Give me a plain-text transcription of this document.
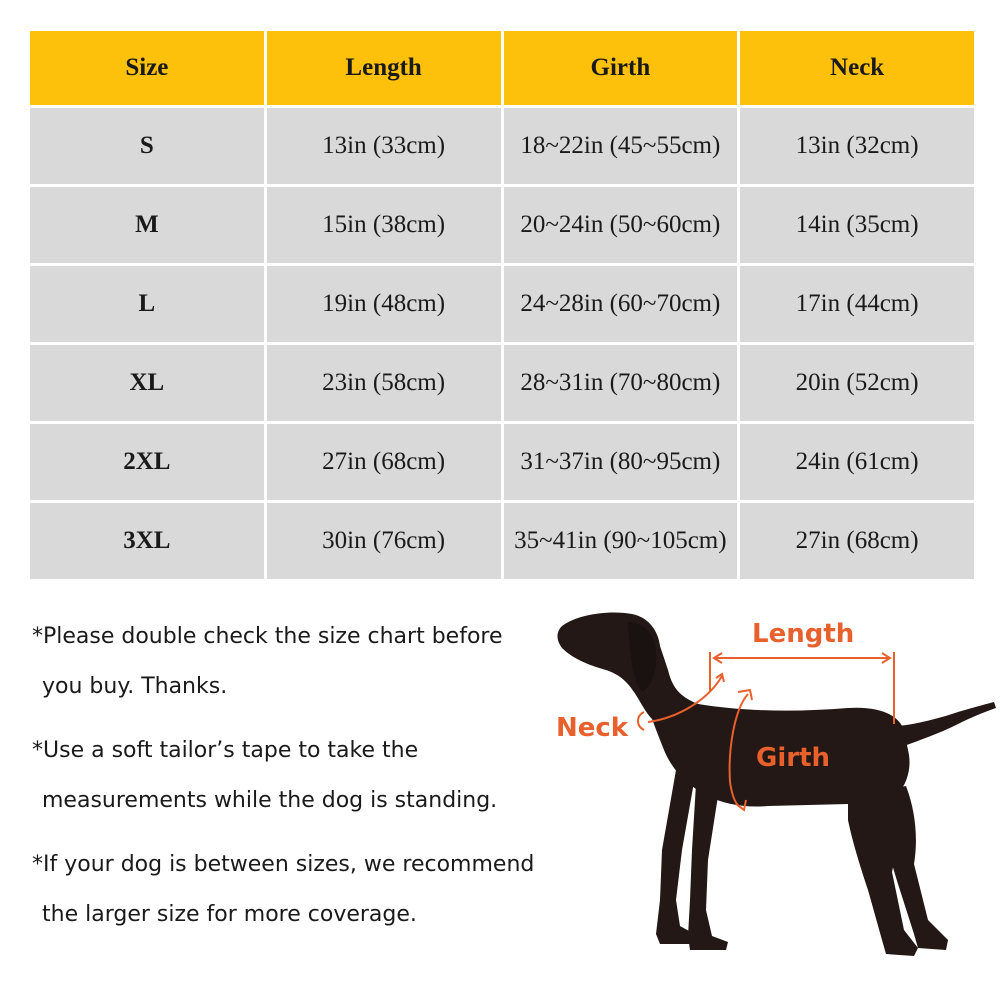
Size	Length	Girth	Neck
S	13in (33cm)	18~22in (45~55cm)	13in (32cm)
M	15in (38cm)	20~24in (50~60cm)	14in (35cm)
L	19in (48cm)	24~28in (60~70cm)	17in (44cm)
XL	23in (58cm)	28~31in (70~80cm)	20in (52cm)
2XL	27in (68cm)	31~37in (80~95cm)	24in (61cm)
3XL	30in (76cm)	35~41in (90~105cm)	27in (68cm)

*Please double check the size chart before
you buy. Thanks.

*Use a soft tailor’s tape to take the
measurements while the dog is standing.

*If your dog is between sizes, we recommend
the larger size for more coverage.

Length
Neck
Girth
